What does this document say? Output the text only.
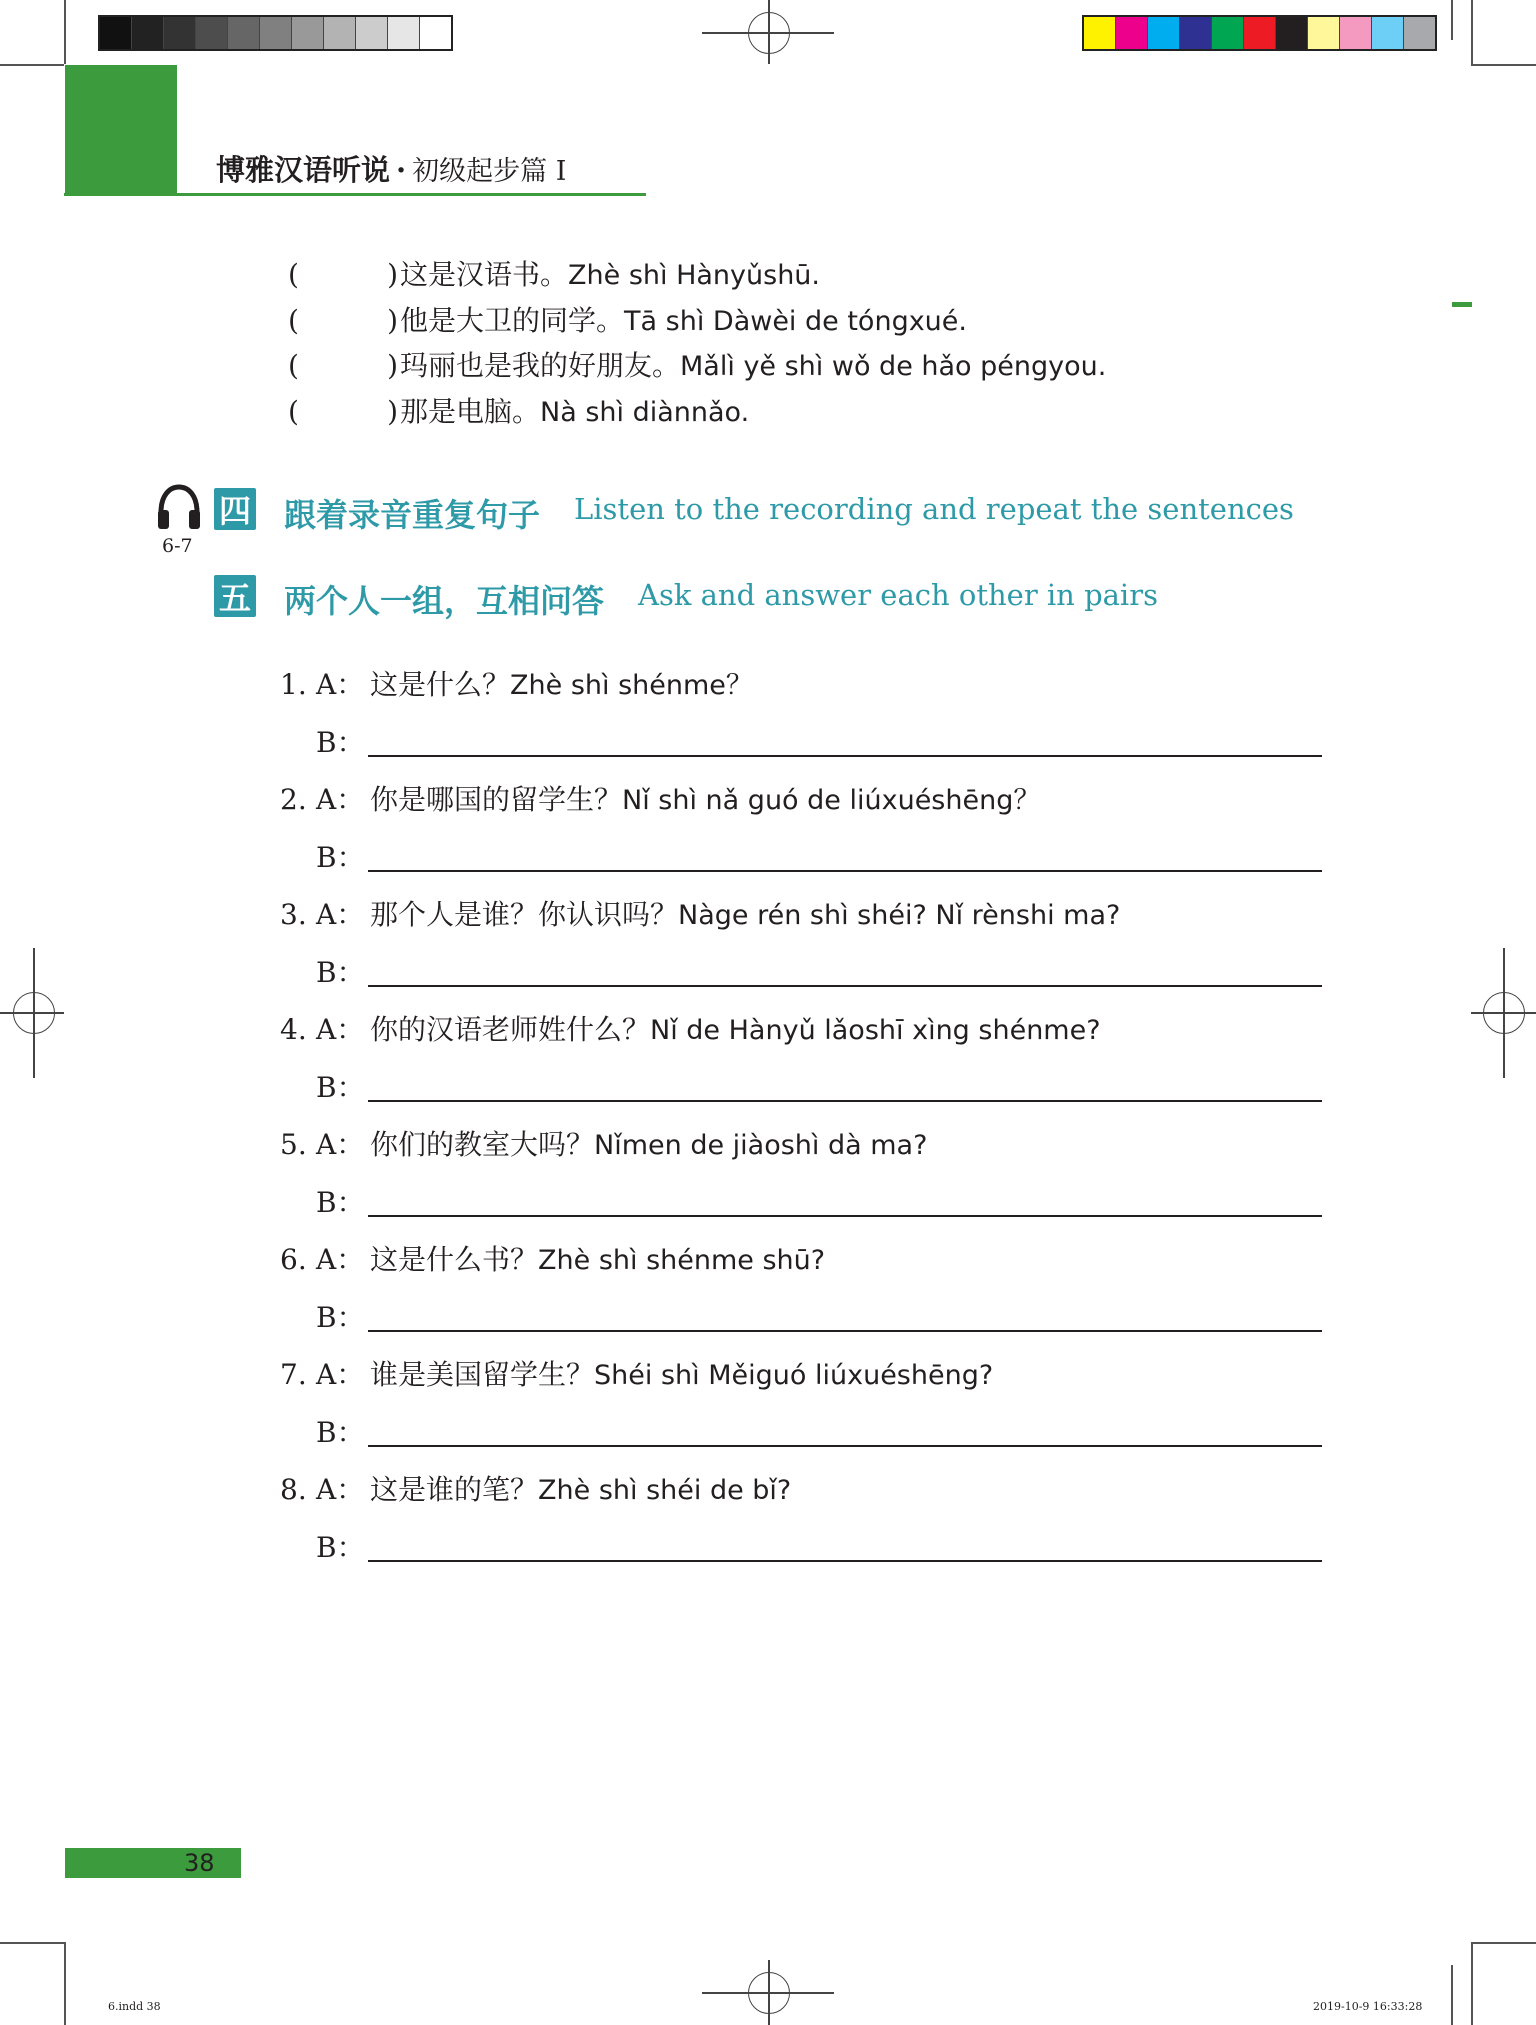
博雅汉语听说 · 初级起步篇 I
(	) 这是汉语书。 Zhè shì Hànyǔshū.
(	) 他是大卫的同学。 Tā shì Dàwèi de tóngxué.
(	) 玛丽也是我的好朋友。 Mǎlì yě shì wǒ de hǎo péngyou.
(	) 那是电脑。 Nà shì diànnǎo.
6-7
四 跟着录音重复句子 Listen to the recording and repeat the sentences
五 两个人一组，互相问答 Ask and answer each other in pairs
1. A： 这是什么？ Zhè shì shénme？
B：
2. A： 你是哪国的留学生？ Nǐ shì nǎ guó de liúxuéshēng？
B：
3. A： 那个人是谁？你认识吗？ Nàge rén shì shéi? Nǐ rènshi ma?
B：
4. A： 你的汉语老师姓什么？ Nǐ de Hànyǔ lǎoshī xìng shénme?
B：
5. A： 你们的教室大吗？ Nǐmen de jiàoshì dà ma?
B：
6. A： 这是什么书？ Zhè shì shénme shū?
B：
7. A： 谁是美国留学生？ Shéi shì Měiguó liúxuéshēng?
B：
8. A： 这是谁的笔？ Zhè shì shéi de bǐ?
B：
38
6.indd 38	2019-10-9 16:33:28
